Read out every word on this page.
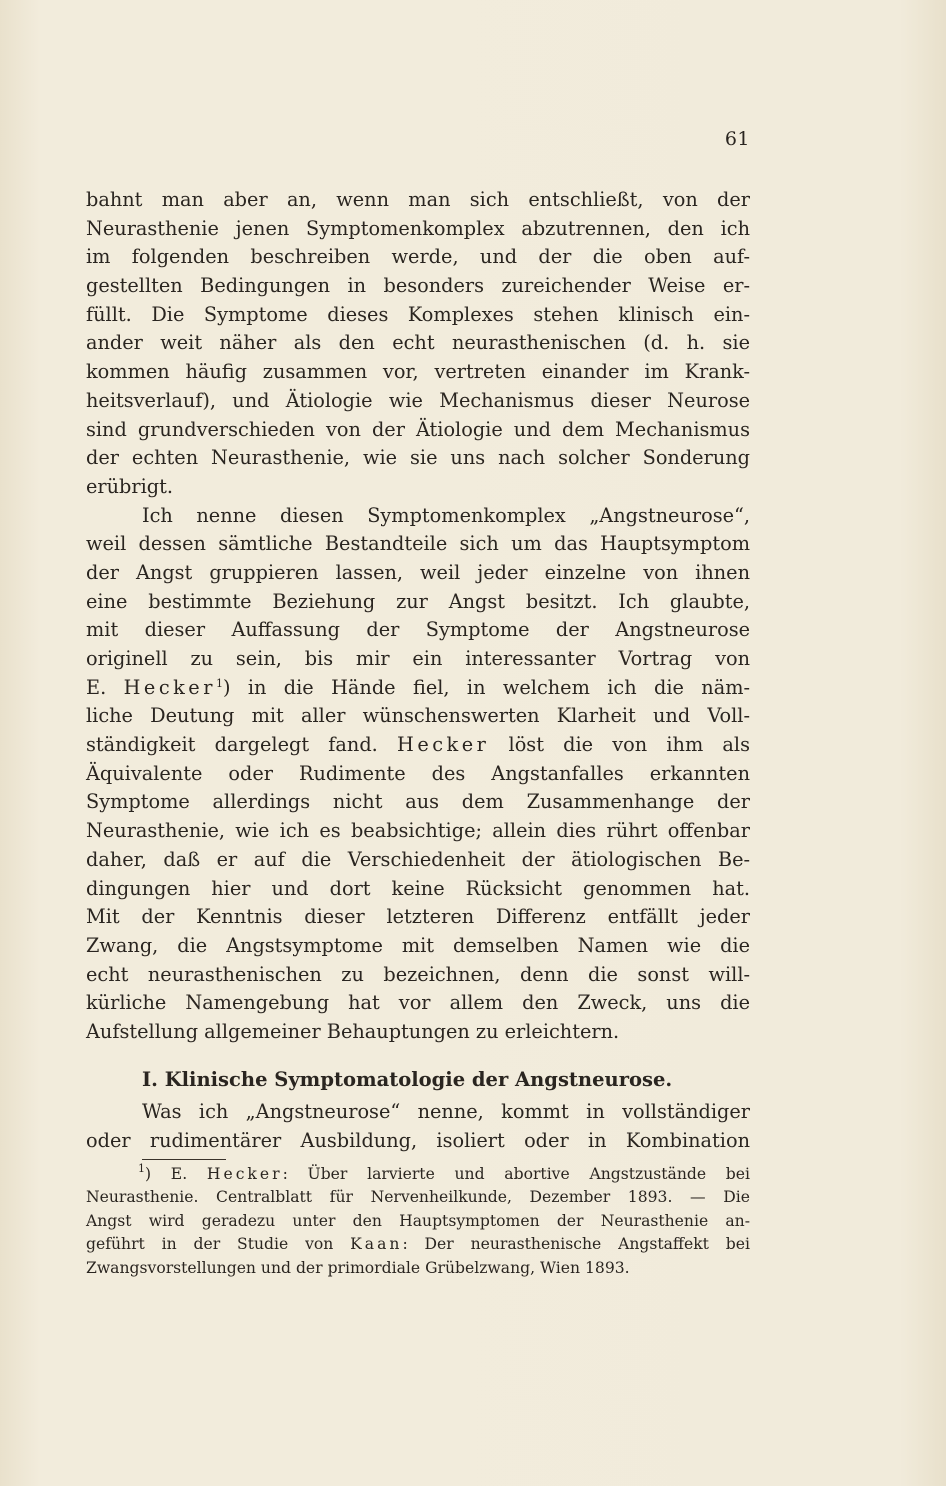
61
bahnt man aber an, wenn man sich entschließt, von der
Neurasthenie jenen Symptomenkomplex abzutrennen, den ich
im folgenden beschreiben werde, und der die oben auf-
gestellten Bedingungen in besonders zureichender Weise er-
füllt. Die Symptome dieses Komplexes stehen klinisch ein-
ander weit näher als den echt neurasthenischen (d. h. sie
kommen häufig zusammen vor, vertreten einander im Krank-
heitsverlauf), und Ätiologie wie Mechanismus dieser Neurose
sind grundverschieden von der Ätiologie und dem Mechanismus
der echten Neurasthenie, wie sie uns nach solcher Sonderung
erübrigt.
Ich nenne diesen Symptomenkomplex „Angstneurose“,
weil dessen sämtliche Bestandteile sich um das Hauptsymptom
der Angst gruppieren lassen, weil jeder einzelne von ihnen
eine bestimmte Beziehung zur Angst besitzt. Ich glaubte,
mit dieser Auffassung der Symptome der Angstneurose
originell zu sein, bis mir ein interessanter Vortrag von
E. Hecker$^1$) in die Hände fiel, in welchem ich die näm-
liche Deutung mit aller wünschenswerten Klarheit und Voll-
ständigkeit dargelegt fand. Hecker löst die von ihm als
Äquivalente oder Rudimente des Angstanfalles erkannten
Symptome allerdings nicht aus dem Zusammenhange der
Neurasthenie, wie ich es beabsichtige; allein dies rührt offenbar
daher, daß er auf die Verschiedenheit der ätiologischen Be-
dingungen hier und dort keine Rücksicht genommen hat.
Mit der Kenntnis dieser letzteren Differenz entfällt jeder
Zwang, die Angstsymptome mit demselben Namen wie die
echt neurasthenischen zu bezeichnen, denn die sonst will-
kürliche Namengebung hat vor allem den Zweck, uns die
Aufstellung allgemeiner Behauptungen zu erleichtern.
I. Klinische Symptomatologie der Angstneurose.
Was ich „Angstneurose“ nenne, kommt in vollständiger
oder rudimentärer Ausbildung, isoliert oder in Kombination
$^1$) E. Hecker: Über larvierte und abortive Angstzustände bei
Neurasthenie. Centralblatt für Nervenheilkunde, Dezember 1893. — Die
Angst wird geradezu unter den Hauptsymptomen der Neurasthenie an-
geführt in der Studie von Kaan: Der neurasthenische Angstaffekt bei
Zwangsvorstellungen und der primordiale Grübelzwang, Wien 1893.
